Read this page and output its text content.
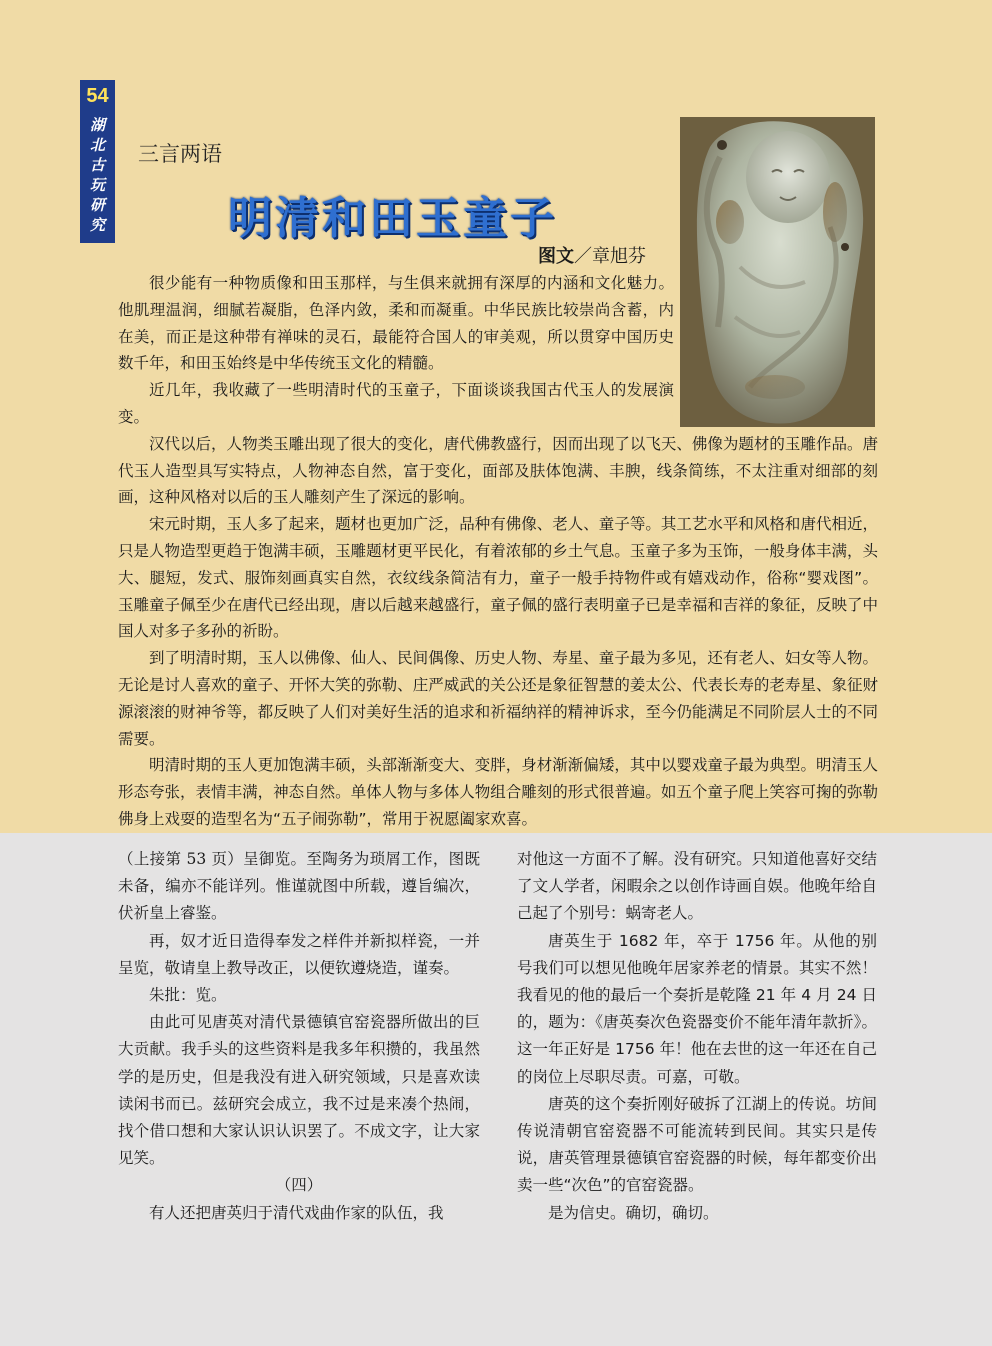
54
湖
北
古
玩
研
究
三言两语
明清和田玉童子
图文／章旭芬

很少能有一种物质像和田玉那样，与生俱来就拥有深厚的内涵和文化魅力。他肌理温润，细腻若凝脂，色泽内敛，柔和而凝重。中华民族比较崇尚含蓄，内在美，而正是这种带有禅味的灵石，最能符合国人的审美观，所以贯穿中国历史数千年，和田玉始终是中华传统玉文化的精髓。

近几年，我收藏了一些明清时代的玉童子，下面谈谈我国古代玉人的发展演变。

汉代以后，人物类玉雕出现了很大的变化，唐代佛教盛行，因而出现了以飞天、佛像为题材的玉雕作品。唐代玉人造型具写实特点，人物神态自然，富于变化，面部及肤体饱满、丰腴，线条简练，不太注重对细部的刻画，这种风格对以后的玉人雕刻产生了深远的影响。

宋元时期，玉人多了起来，题材也更加广泛，品种有佛像、老人、童子等。其工艺水平和风格和唐代相近，只是人物造型更趋于饱满丰硕，玉雕题材更平民化，有着浓郁的乡土气息。玉童子多为玉饰，一般身体丰满，头大、腿短，发式、服饰刻画真实自然，衣纹线条简洁有力，童子一般手持物件或有嬉戏动作，俗称“婴戏图”。玉雕童子佩至少在唐代已经出现，唐以后越来越盛行，童子佩的盛行表明童子已是幸福和吉祥的象征，反映了中国人对多子多孙的祈盼。

到了明清时期，玉人以佛像、仙人、民间偶像、历史人物、寿星、童子最为多见，还有老人、妇女等人物。无论是讨人喜欢的童子、开怀大笑的弥勒、庄严威武的关公还是象征智慧的姜太公、代表长寿的老寿星、象征财源滚滚的财神爷等，都反映了人们对美好生活的追求和祈福纳祥的精神诉求，至今仍能满足不同阶层人士的不同需要。

明清时期的玉人更加饱满丰硕，头部渐渐变大、变胖，身材渐渐偏矮，其中以婴戏童子最为典型。明清玉人形态夸张，表情丰满，神态自然。单体人物与多体人物组合雕刻的形式很普遍。如五个童子爬上笑容可掬的弥勒佛身上戏耍的造型名为“五子闹弥勒”，常用于祝愿阖家欢喜。

（上接第 53 页）呈御览。至陶务为琐屑工作，图既未备，编亦不能详列。惟谨就图中所载，遵旨编次，伏祈皇上睿鉴。

再，奴才近日造得奉发之样件并新拟样瓷，一并呈览，敬请皇上教导改正，以便钦遵烧造，谨奏。

朱批：览。

由此可见唐英对清代景德镇官窑瓷器所做出的巨大贡献。我手头的这些资料是我多年积攒的，我虽然学的是历史，但是我没有进入研究领域，只是喜欢读读闲书而已。兹研究会成立，我不过是来凑个热闹，找个借口想和大家认识认识罢了。不成文字，让大家见笑。

（四）

有人还把唐英归于清代戏曲作家的队伍，我

对他这一方面不了解。没有研究。只知道他喜好交结了文人学者，闲暇余之以创作诗画自娱。他晚年给自己起了个别号：蜗寄老人。

唐英生于 1682 年，卒于 1756 年。从他的别号我们可以想见他晚年居家养老的情景。其实不然！我看见的他的最后一个奏折是乾隆 21 年 4 月 24 日的，题为：《唐英奏次色瓷器变价不能年清年款折》。这一年正好是 1756 年！他在去世的这一年还在自己的岗位上尽职尽责。可嘉，可敬。

唐英的这个奏折刚好破拆了江湖上的传说。坊间传说清朝官窑瓷器不可能流转到民间。其实只是传说，唐英管理景德镇官窑瓷器的时候，每年都变价出卖一些“次色”的官窑瓷器。

是为信史。确切，确切。
